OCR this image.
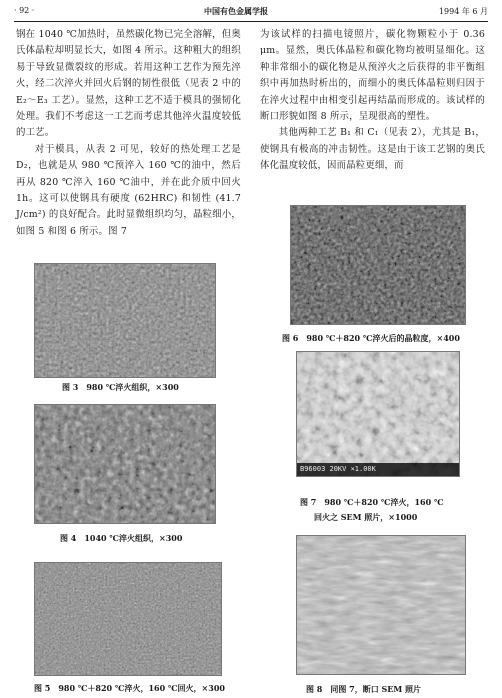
· 92 ·	中国有色金属学报	1994 年 6 月

钢在 1040 ℃加热时，虽然碳化物已完全溶解，但奥氏体晶粒却明显长大，如图 4 所示。这种粗大的组织易于导致显微裂纹的形成。若用这种工艺作为预先淬火，经二次淬火并回火后钢的韧性很低（见表 2 中的 E₂～E₃ 工艺）。显然，这种工艺不适于模具的强韧化处理。我们不考虑这一工艺而考虑其他淬火温度较低的工艺。

对于模具，从表 2 可见，较好的热处理工艺是 D₂，也就是从 980 ℃预淬入 160 ℃的油中，然后再从 820 ℃淬入 160 ℃油中，并在此介质中回火 1h。这可以使钢具有硬度 (62HRC) 和韧性 (41.7 J/cm²) 的良好配合。此时显微组织均匀，晶粒细小，如图 5 和图 6 所示。图 7

为该试样的扫描电镜照片，碳化物颗粒小于 0.36 μm。显然，奥氏体晶粒和碳化物均被明显细化。这种非常细小的碳化物是从预淬火之后获得的非平衡组织中再加热时析出的，而细小的奥氏体晶粒则归因于在淬火过程中由相变引起再结晶而形成的。该试样的断口形貌如图 8 所示，呈现很高的塑性。

其他两种工艺 B₁ 和 C₁（见表 2），尤其是 B₁，使钢具有极高的冲击韧性。这是由于该工艺钢的奥氏体化温度较低，因而晶粒更细，而

图 3　980 ℃淬火组织，×300
图 4　1040 ℃淬火组织，×300
图 5　980 ℃＋820 ℃淬火，160 ℃回火，×300
图 6　980 ℃＋820 ℃淬火后的晶粒度，×400
B96003 20KV ×1.00K
图 7　980 ℃＋820 ℃淬火，160 ℃
回火之 SEM 照片，×1000
图 8　同图 7，断口 SEM 照片
